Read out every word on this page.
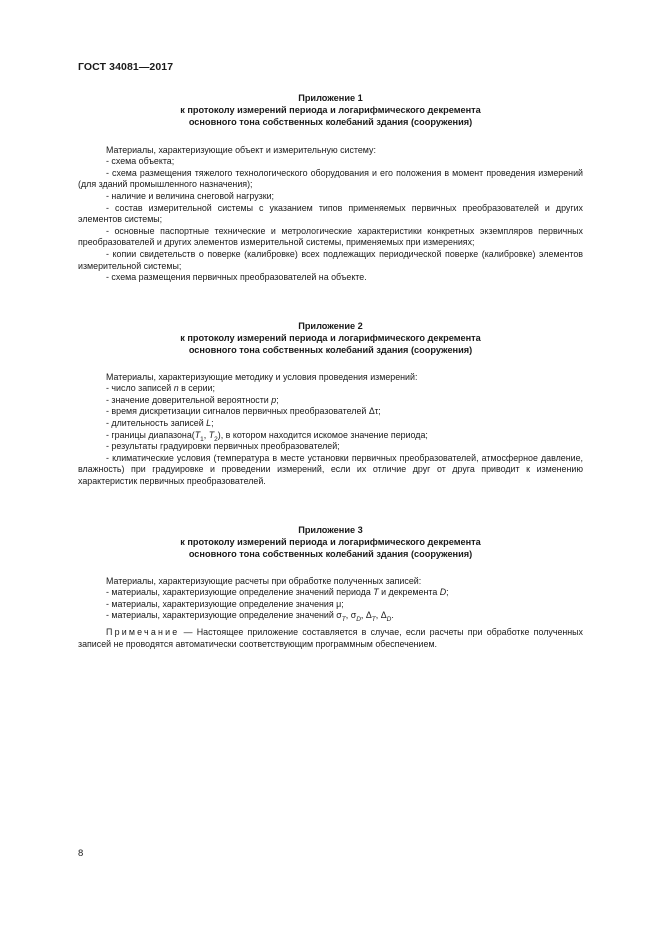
ГОСТ 34081—2017
Приложение 1
к протоколу измерений периода и логарифмического декремента
основного тона собственных колебаний здания (сооружения)

Материалы, характеризующие объект и измерительную систему:

- схема объекта;

- схема размещения тяжелого технологического оборудования и его положения в момент проведения измерений (для зданий промышленного назначения);

- наличие и величина снеговой нагрузки;

- состав измерительной системы с указанием типов применяемых первичных преобразователей и других элементов системы;

- основные паспортные технические и метрологические характеристики конкретных экземпляров первичных преобразователей и других элементов измерительной системы, применяемых при измерениях;

- копии свидетельств о поверке (калибровке) всех подлежащих периодической поверке (калибровке) элементов измерительной системы;

- схема размещения первичных преобразователей на объекте.

Приложение 2
к протоколу измерений периода и логарифмического декремента
основного тона собственных колебаний здания (сооружения)

Материалы, характеризующие методику и условия проведения измерений:

- число записей n в серии;

- значение доверительной вероятности p;

- время дискретизации сигналов первичных преобразователей Δτ;

- длительность записей L;

- границы $диапазона(T_1$, $T_2$), в котором находится искомое значение периода;

- результаты градуировки первичных преобразователей;

- климатические условия (температура в месте установки первичных преобразователей, атмосферное давление, влажность) при градуировке и проведении измерений, если их отличие друг от друга приводит к изменению характеристик первичных преобразователей.

Приложение 3
к протоколу измерений периода и логарифмического декремента
основного тона собственных колебаний здания (сооружения)

Материалы, характеризующие расчеты при обработке полученных записей:

- материалы, характеризующие определение значений периода T и декремента D;

- материалы, характеризующие определение значения μ;

- материалы, характеризующие определение значений $\sigma_T$, $\sigma_D$, $\Delta_T$, $\Delta_D$.

Примечание — Настоящее приложение составляется в случае, если расчеты при обработке полученных записей не проводятся автоматически соответствующим программным обеспечением.

8
